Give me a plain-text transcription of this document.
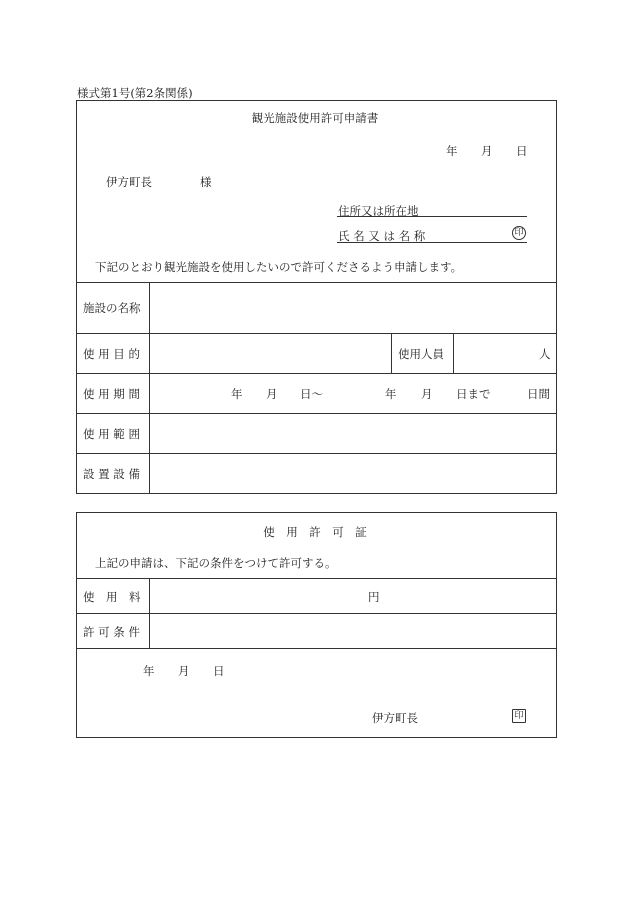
様式第1号(第2条関係)
観光施設使用許可申請書
年 月 日
伊方町長	様
住所又は所在地
氏 名 又 は 名 称	印
下記のとおり観光施設を使用したいので許可くださるよう申請します。
施設の名称
使 用 目 的	使用人員	人
使 用 期 間	年 月 日〜	年 月 日まで	日間
使 用 範 囲
設 置 設 備
使　用　許　可　証
上記の申請は、下記の条件をつけて許可する。
使　用　料	円
許 可 条 件
年 月 日
伊方町長	印
